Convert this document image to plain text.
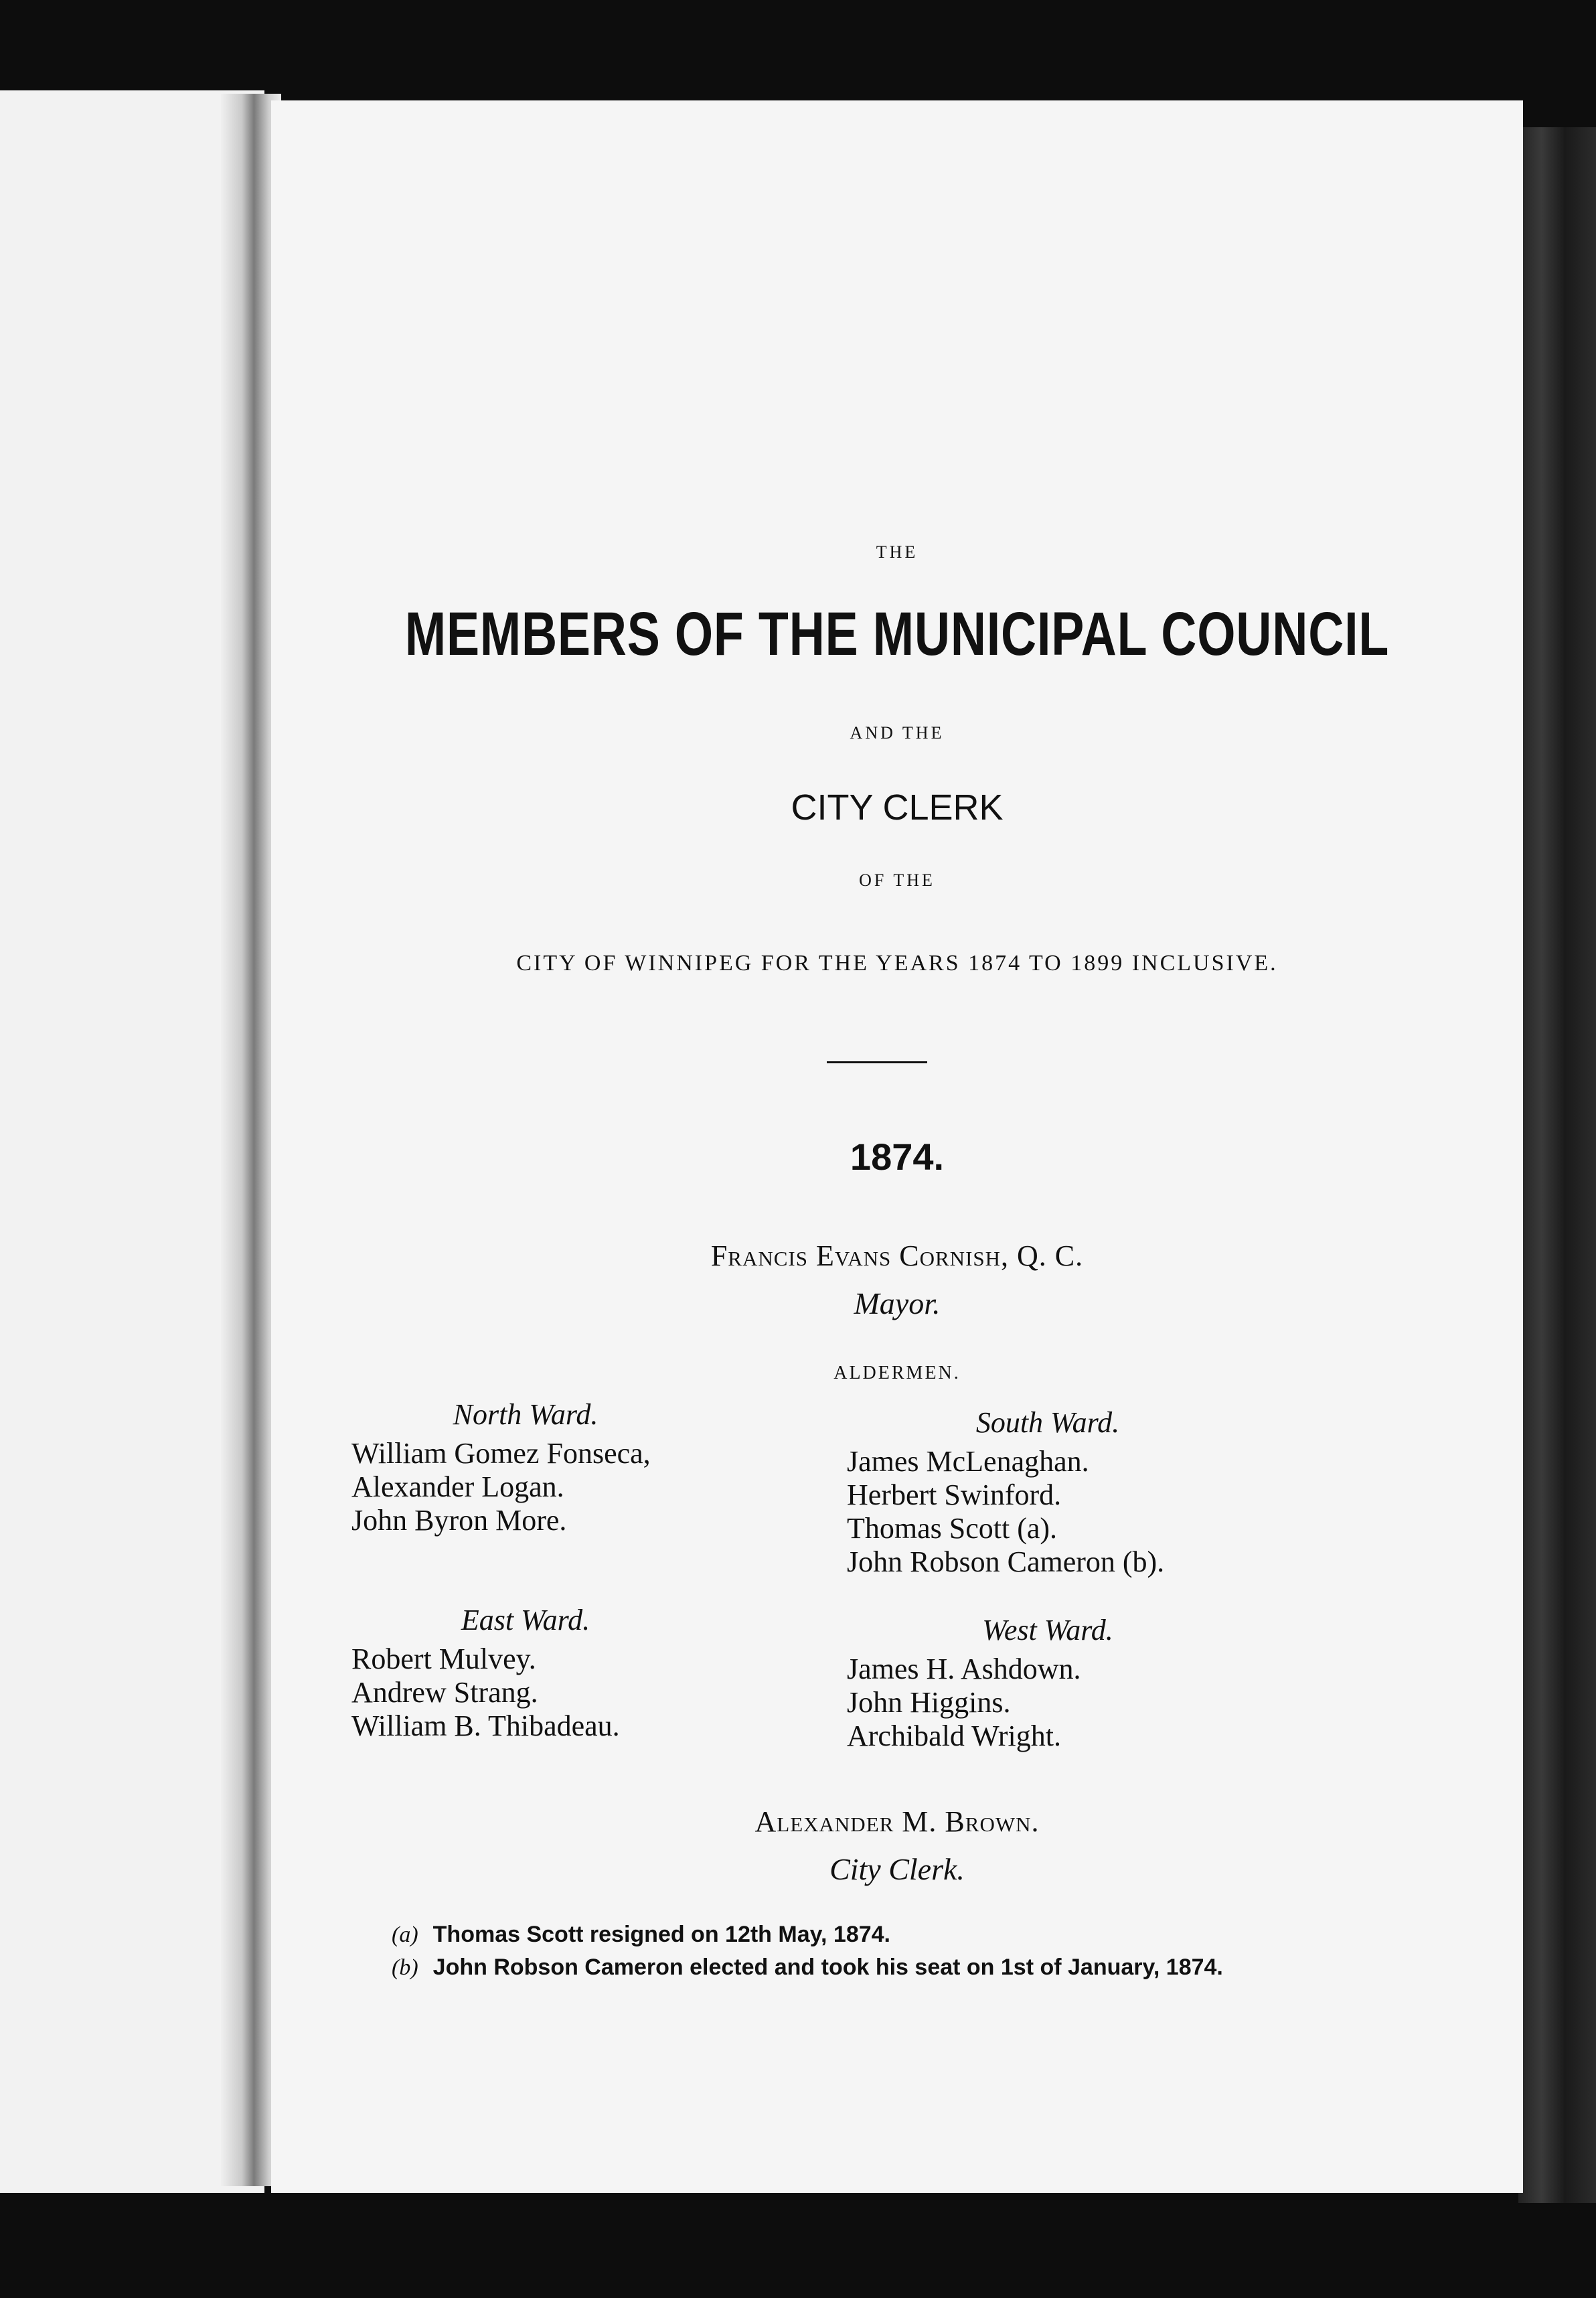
THE
MEMBERS OF THE MUNICIPAL COUNCIL
AND THE
CITY CLERK
OF THE
CITY OF WINNIPEG FOR THE YEARS 1874 TO 1899 INCLUSIVE.
1874.
Francis Evans Cornish, Q. C.
Mayor.
ALDERMEN.
North Ward.
William Gomez Fonseca,
Alexander Logan.
John Byron More.
South Ward.
James McLenaghan.
Herbert Swinford.
Thomas Scott (a).
John Robson Cameron (b).
East Ward.
Robert Mulvey.
Andrew Strang.
William B. Thibadeau.
West Ward.
James H. Ashdown.
John Higgins.
Archibald Wright.
Alexander M. Brown.
City Clerk.
(a) Thomas Scott resigned on 12th May, 1874.
(b) John Robson Cameron elected and took his seat on 1st of January, 1874.
